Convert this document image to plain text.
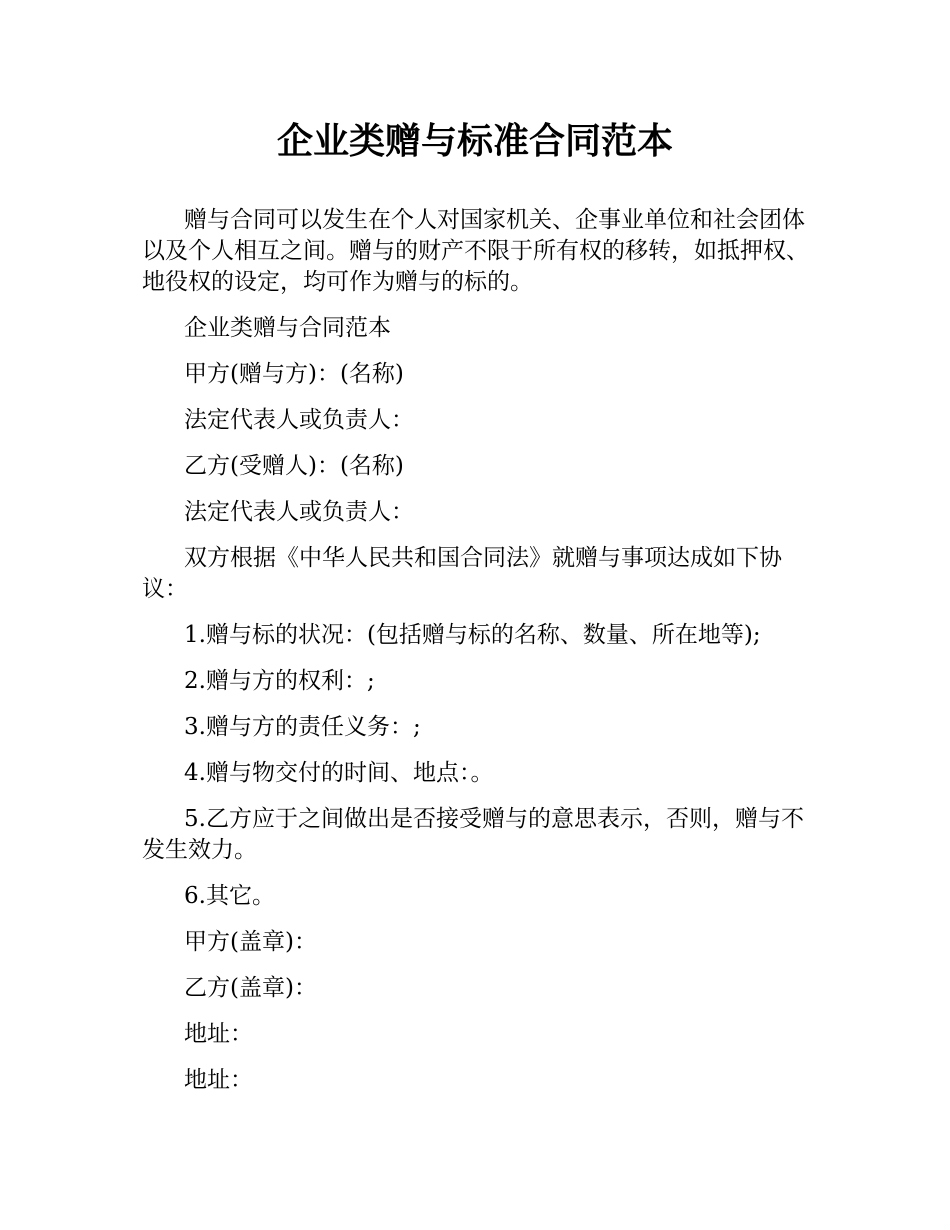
企业类赠与标准合同范本

赠与合同可以发生在个人对国家机关、企事业单位和社会团体以及个人相互之间。赠与的财产不限于所有权的移转，如抵押权、地役权的设定，均可作为赠与的标的。

企业类赠与合同范本

甲方(赠与方)：(名称)

法定代表人或负责人：

乙方(受赠人)：(名称)

法定代表人或负责人：

双方根据《中华人民共和国合同法》就赠与事项达成如下协议：

1.赠与标的状况：(包括赠与标的名称、数量、所在地等);

2.赠与方的权利：;

3.赠与方的责任义务：;

4.赠与物交付的时间、地点：。

5.乙方应于之间做出是否接受赠与的意思表示，否则，赠与不发生效力。

6.其它。

甲方(盖章)：

乙方(盖章)：

地址：

地址：
